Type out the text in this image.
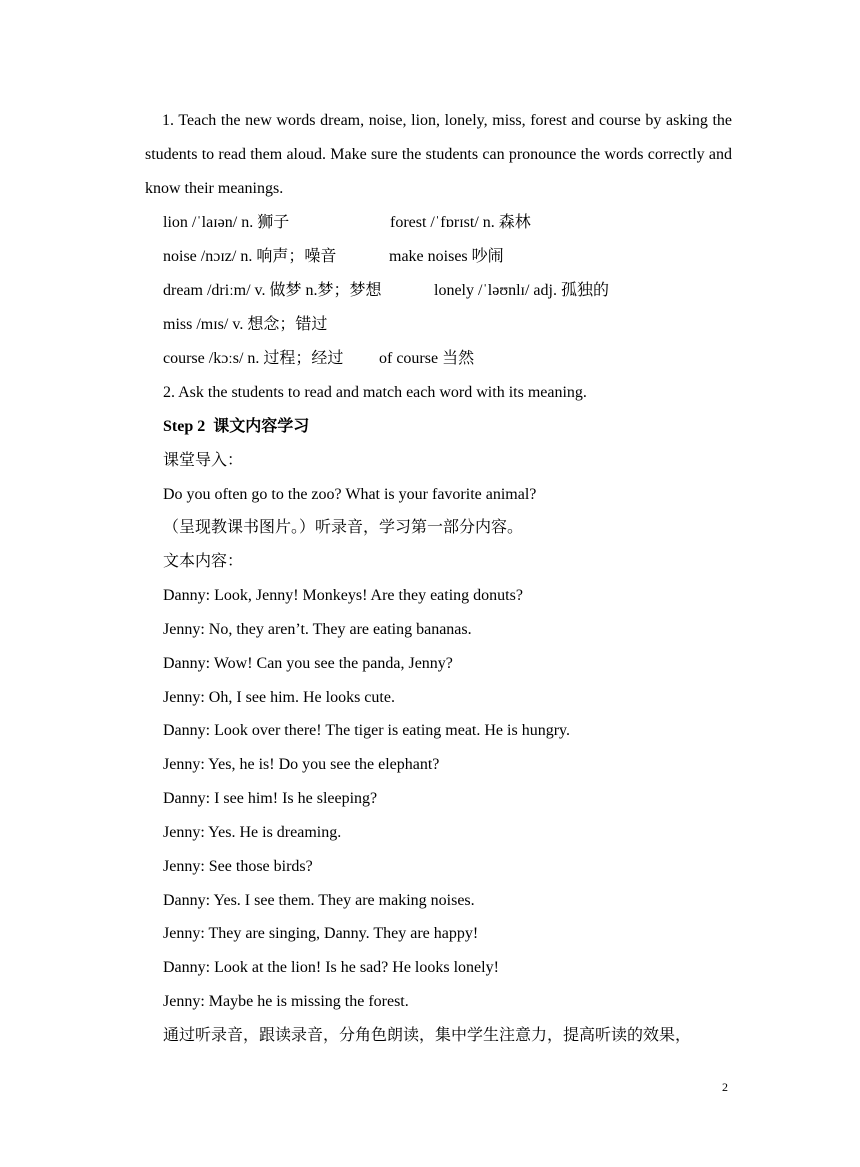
1. Teach the new words dream, noise, lion, lonely, miss, forest and course by asking the students to read them aloud. Make sure the students can pronounce the words correctly and know their meanings.

lion /ˈlaɪən/ n. 狮子	forest /ˈfɒrɪst/ n. 森林
noise /nɔɪz/ n. 响声；噪音	make noises 吵闹
dream /driːm/ v. 做梦 n.梦；梦想	lonely /ˈləʊnlɪ/ adj. 孤独的
miss /mɪs/ v. 想念；错过
course /kɔːs/ n. 过程；经过 of course 当然
2. Ask the students to read and match each word with its meaning.
Step 2 课文内容学习
课堂导入：
Do you often go to the zoo? What is your favorite animal?
（呈现教课书图片。）听录音，学习第一部分内容。
文本内容：
Danny: Look, Jenny! Monkeys! Are they eating donuts?
Jenny: No, they aren’t. They are eating bananas.
Danny: Wow! Can you see the panda, Jenny?
Jenny: Oh, I see him. He looks cute.
Danny: Look over there! The tiger is eating meat. He is hungry.
Jenny: Yes, he is! Do you see the elephant?
Danny: I see him! Is he sleeping?
Jenny: Yes. He is dreaming.
Jenny: See those birds?
Danny: Yes. I see them. They are making noises.
Jenny: They are singing, Danny. They are happy!
Danny: Look at the lion! Is he sad? He looks lonely!
Jenny: Maybe he is missing the forest.
通过听录音，跟读录音，分角色朗读，集中学生注意力，提高听读的效果，
2
